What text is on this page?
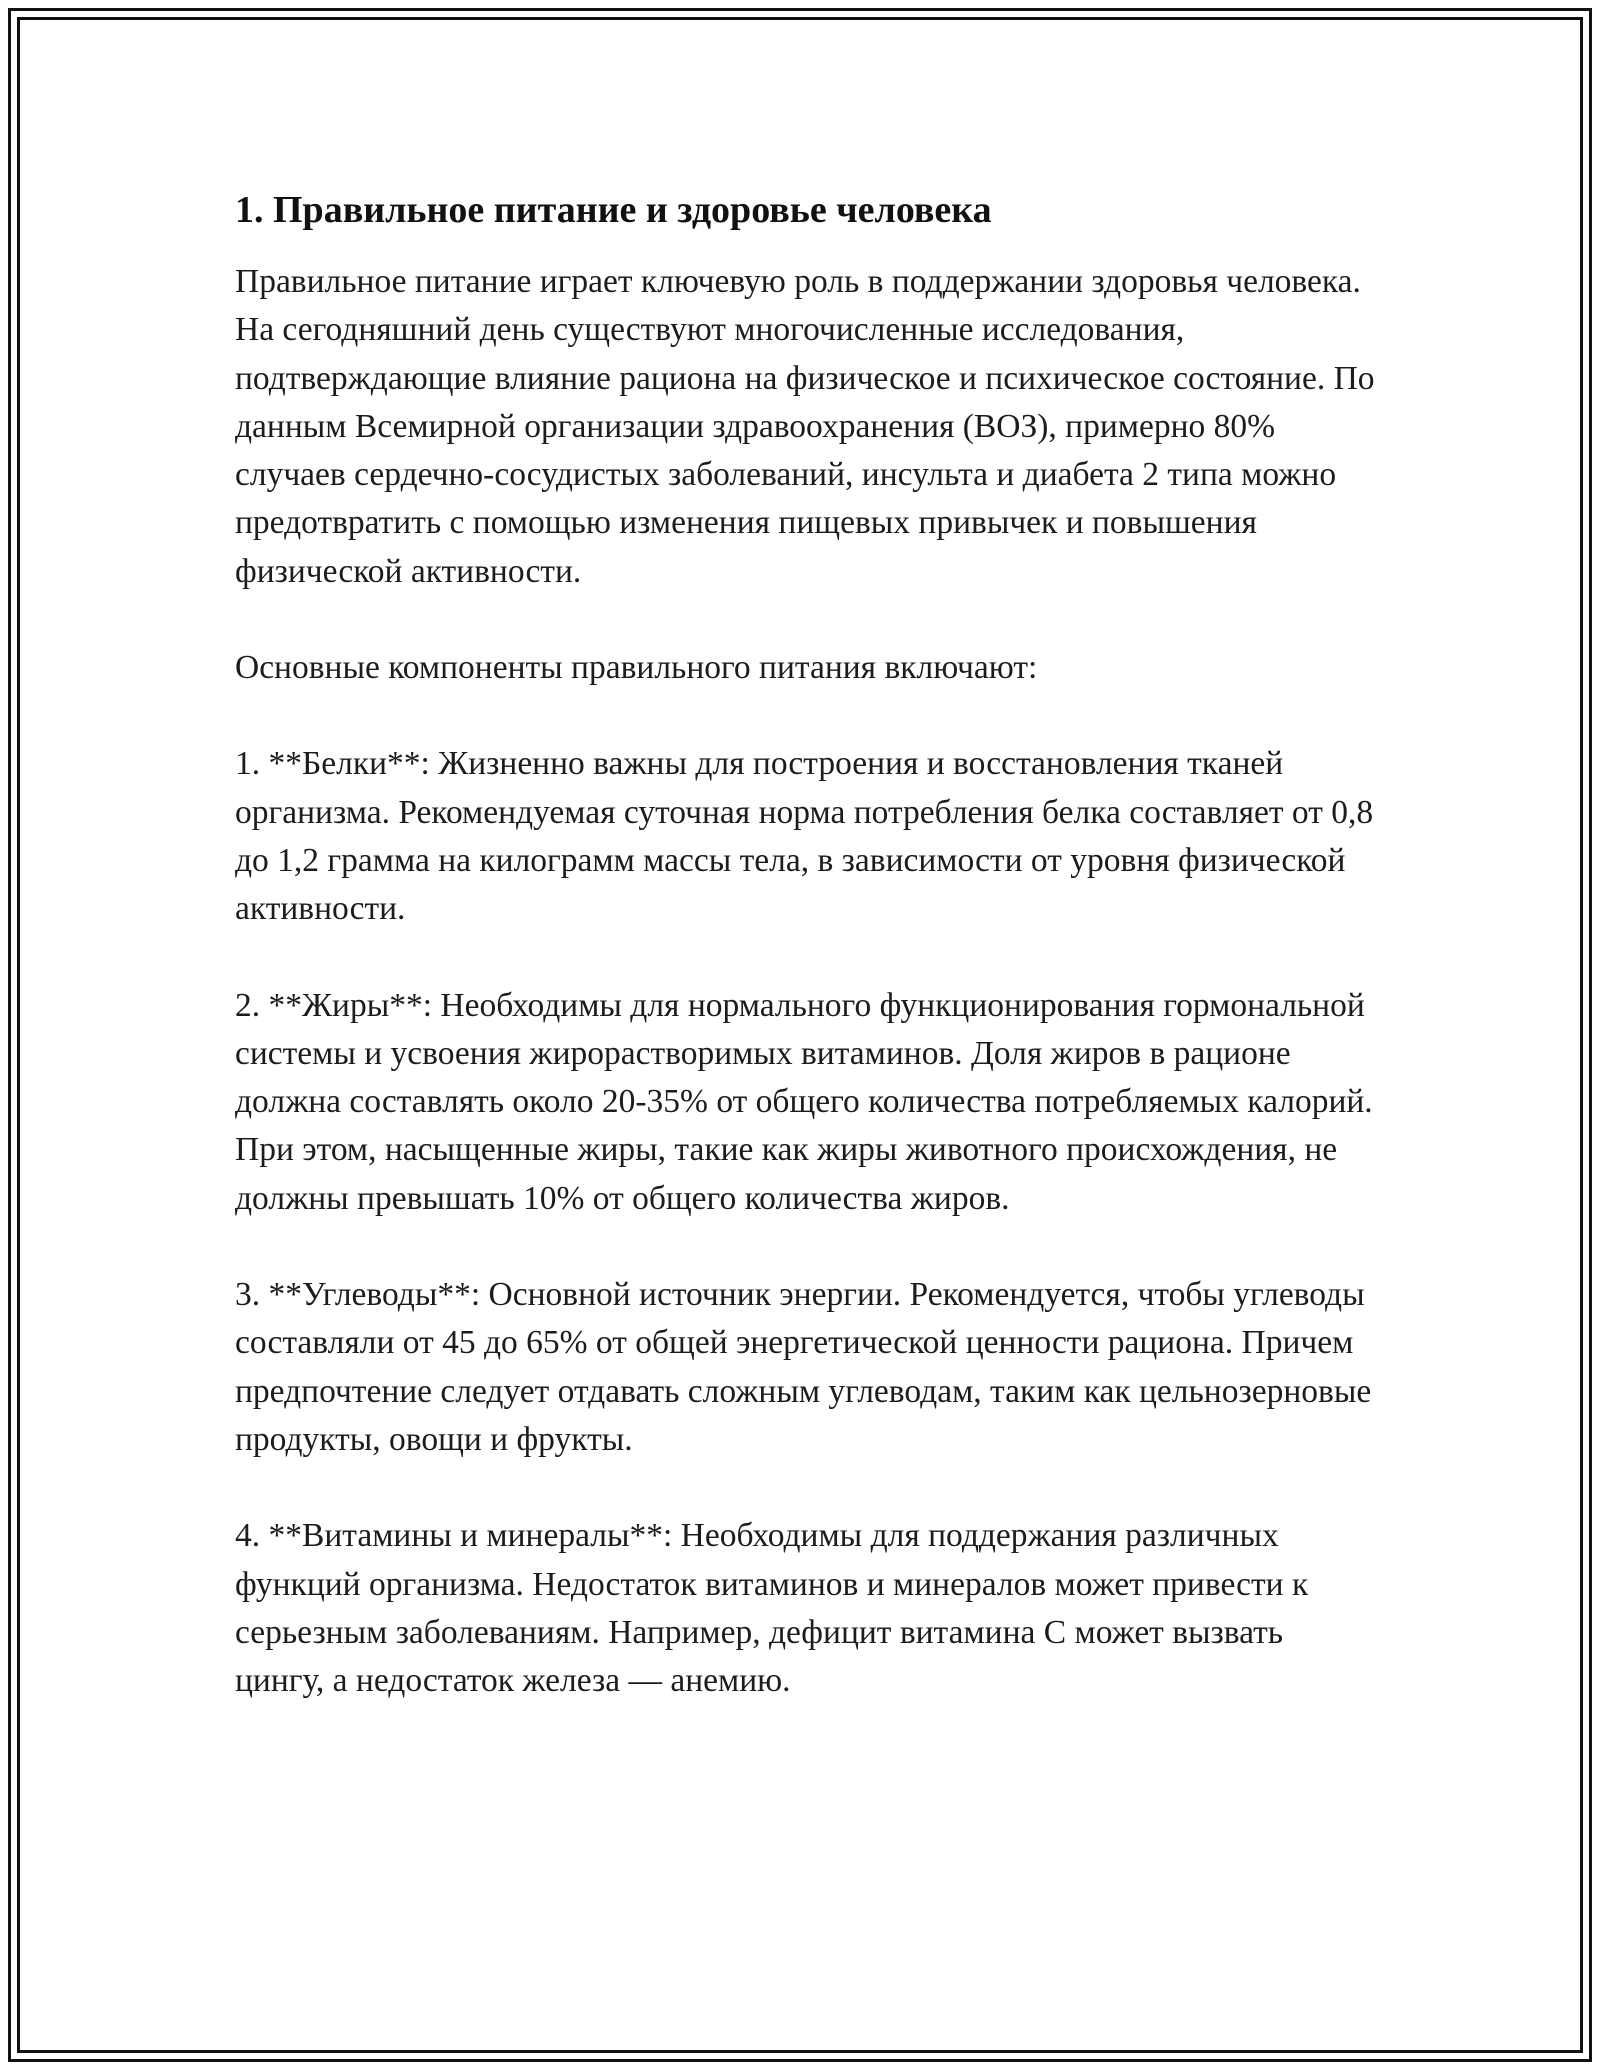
1. Правильное питание и здоровье человека

Правильное питание играет ключевую роль в поддержании здоровья человека. На сегодняшний день существуют многочисленные исследования, подтверждающие влияние рациона на физическое и психическое состояние. По данным Всемирной организации здравоохранения (ВОЗ), примерно 80% случаев сердечно-сосудистых заболеваний, инсульта и диабета 2 типа можно предотвратить с помощью изменения пищевых привычек и повышения физической активности.

Основные компоненты правильного питания включают:

1. **Белки**: Жизненно важны для построения и восстановления тканей организма. Рекомендуемая суточная норма потребления белка составляет от 0,8 до 1,2 грамма на килограмм массы тела, в зависимости от уровня физической активности.

2. **Жиры**: Необходимы для нормального функционирования гормональной системы и усвоения жирорастворимых витаминов. Доля жиров в рационе должна составлять около 20-35% от общего количества потребляемых калорий. При этом, насыщенные жиры, такие как жиры животного происхождения, не должны превышать 10% от общего количества жиров.

3. **Углеводы**: Основной источник энергии. Рекомендуется, чтобы углеводы составляли от 45 до 65% от общей энергетической ценности рациона. Причем предпочтение следует отдавать сложным углеводам, таким как цельнозерновые продукты, овощи и фрукты.

4. **Витамины и минералы**: Необходимы для поддержания различных функций организма. Недостаток витаминов и минералов может привести к серьезным заболеваниям. Например, дефицит витамина C может вызвать цингу, а недостаток железа — анемию.
